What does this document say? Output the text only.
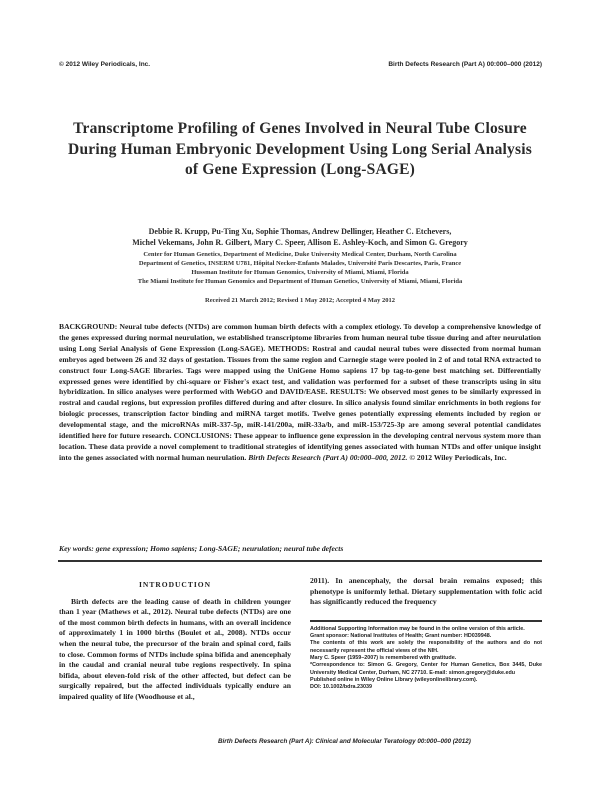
© 2012 Wiley Periodicals, Inc.	Birth Defects Research (Part A) 00:000–000 (2012)
Transcriptome Profiling of Genes Involved in Neural Tube Closure During Human Embryonic Development Using Long Serial Analysis of Gene Expression (Long-SAGE)
Debbie R. Krupp, Pu-Ting Xu, Sophie Thomas, Andrew Dellinger, Heather C. Etchevers,
Michel Vekemans, John R. Gilbert, Mary C. Speer, Allison E. Ashley-Koch, and Simon G. Gregory
Center for Human Genetics, Department of Medicine, Duke University Medical Center, Durham, North Carolina
Department of Genetics, INSERM U781, Hôpital Necker-Enfants Malades, Université Paris Descartes, Paris, France
Hussman Institute for Human Genomics, University of Miami, Miami, Florida
The Miami Institute for Human Genomics and Department of Human Genetics, University of Miami, Miami, Florida
Received 21 March 2012; Revised 1 May 2012; Accepted 4 May 2012
BACKGROUND: Neural tube defects (NTDs) are common human birth defects with a complex etiology. To develop a comprehensive knowledge of the genes expressed during normal neurulation, we established transcriptome libraries from human neural tube tissue during and after neurulation using Long Serial Analysis of Gene Expression (Long-SAGE). METHODS: Rostral and caudal neural tubes were dissected from normal human embryos aged between 26 and 32 days of gestation. Tissues from the same region and Carnegie stage were pooled in 2 of and total RNA extracted to construct four Long-SAGE libraries. Tags were mapped using the UniGene Homo sapiens 17 bp tag-to-gene best matching set. Differentially expressed genes were identified by chi-square or Fisher's exact test, and validation was performed for a subset of these transcripts using in situ hybridization. In silico analyses were performed with WebGO and DAVID/EASE. RESULTS: We observed most genes to be similarly expressed in rostral and caudal regions, but expression profiles differed during and after closure. In silico analysis found similar enrichments in both regions for biologic processes, transcription factor binding and miRNA target motifs. Twelve genes potentially expressing elements included by region or developmental stage, and the microRNAs miR-337-5p, miR-141/200a, miR-33a/b, and miR-153/725-3p are among several potential candidates identified here for future research. CONCLUSIONS: These appear to influence gene expression in the developing central nervous system more than location. These data provide a novel complement to traditional strategies of identifying genes associated with human NTDs and offer unique insight into the genes associated with normal human neurulation. Birth Defects Research (Part A) 00:000–000, 2012. © 2012 Wiley Periodicals, Inc.
Key words: gene expression; Homo sapiens; Long-SAGE; neurulation; neural tube defects
INTRODUCTION
Birth defects are the leading cause of death in children younger than 1 year (Mathews et al., 2012). Neural tube defects (NTDs) are one of the most common birth defects in humans, with an overall incidence of approximately 1 in 1000 births (Boulet et al., 2008). NTDs occur when the neural tube, the precursor of the brain and spinal cord, fails to close. Common forms of NTDs include spina bifida and anencephaly in the caudal and cranial neural tube regions respectively. In spina bifida, about eleven-fold risk of the other affected, but defect can be surgically repaired, but the affected individuals typically endure an impaired quality of life (Woodhouse et al.,
2011). In anencephaly, the dorsal brain remains exposed; this phenotype is uniformly lethal. Dietary supplementation with folic acid has significantly reduced the frequency
Additional Supporting Information may be found in the online version of this article.
Grant sponsor: National Institutes of Health; Grant number: HD039948.
The contents of this work are solely the responsibility of the authors and do not necessarily represent the official views of the NIH.
Mary C. Speer (1959–2007) is remembered with gratitude.
*Correspondence to: Simon G. Gregory, Center for Human Genetics, Box 3445, Duke University Medical Center, Durham, NC 27710. E-mail: simon.gregory@duke.edu
Published online in Wiley Online Library (wileyonlinelibrary.com).
DOI: 10.1002/bdra.23039
Birth Defects Research (Part A): Clinical and Molecular Teratology 00:000–000 (2012)
